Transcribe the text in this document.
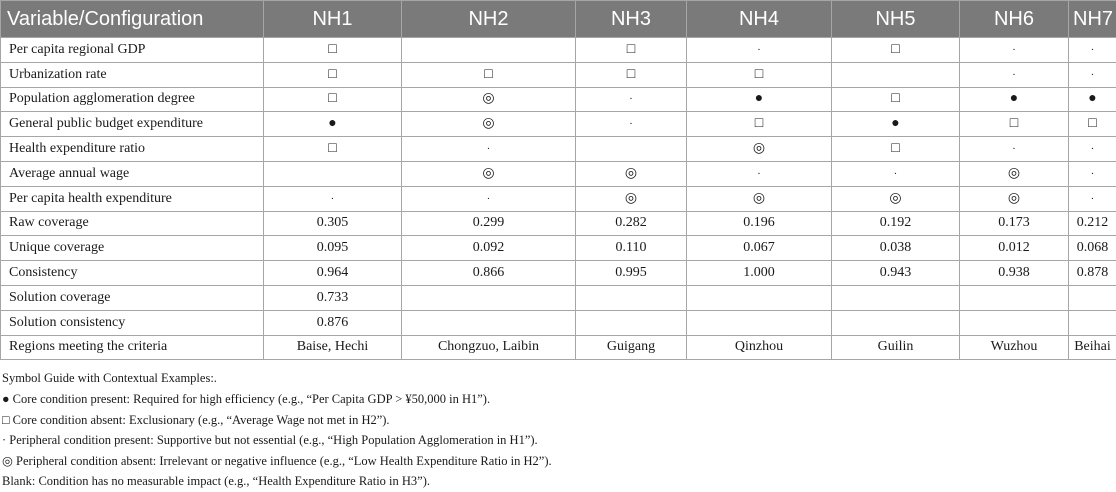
Variable/Configuration	NH1	NH2	NH3	NH4	NH5	NH6	NH7
Per capita regional GDP	□		□	·	□	·	·
Urbanization rate	□	□	□	□		·	·
Population agglomeration degree	□	◎	·	●	□	●	●
General public budget expenditure	●	◎	·	□	●	□	□
Health expenditure ratio	□	·		◎	□	·	·
Average annual wage		◎	◎	·	·	◎	·
Per capita health expenditure	·	·	◎	◎	◎	◎	·
Raw coverage	0.305	0.299	0.282	0.196	0.192	0.173	0.212
Unique coverage	0.095	0.092	0.110	0.067	0.038	0.012	0.068
Consistency	0.964	0.866	0.995	1.000	0.943	0.938	0.878
Solution coverage	0.733						
Solution consistency	0.876						
Regions meeting the criteria	Baise, Hechi	Chongzuo, Laibin	Guigang	Qinzhou	Guilin	Wuzhou	Beihai
Symbol Guide with Contextual Examples:.
● Core condition present: Required for high efficiency (e.g., “Per Capita GDP > ¥50,000 in H1”).
□ Core condition absent: Exclusionary (e.g., “Average Wage not met in H2”).
· Peripheral condition present: Supportive but not essential (e.g., “High Population Agglomeration in H1”).
◎ Peripheral condition absent: Irrelevant or negative influence (e.g., “Low Health Expenditure Ratio in H2”).
Blank: Condition has no measurable impact (e.g., “Health Expenditure Ratio in H3”).
